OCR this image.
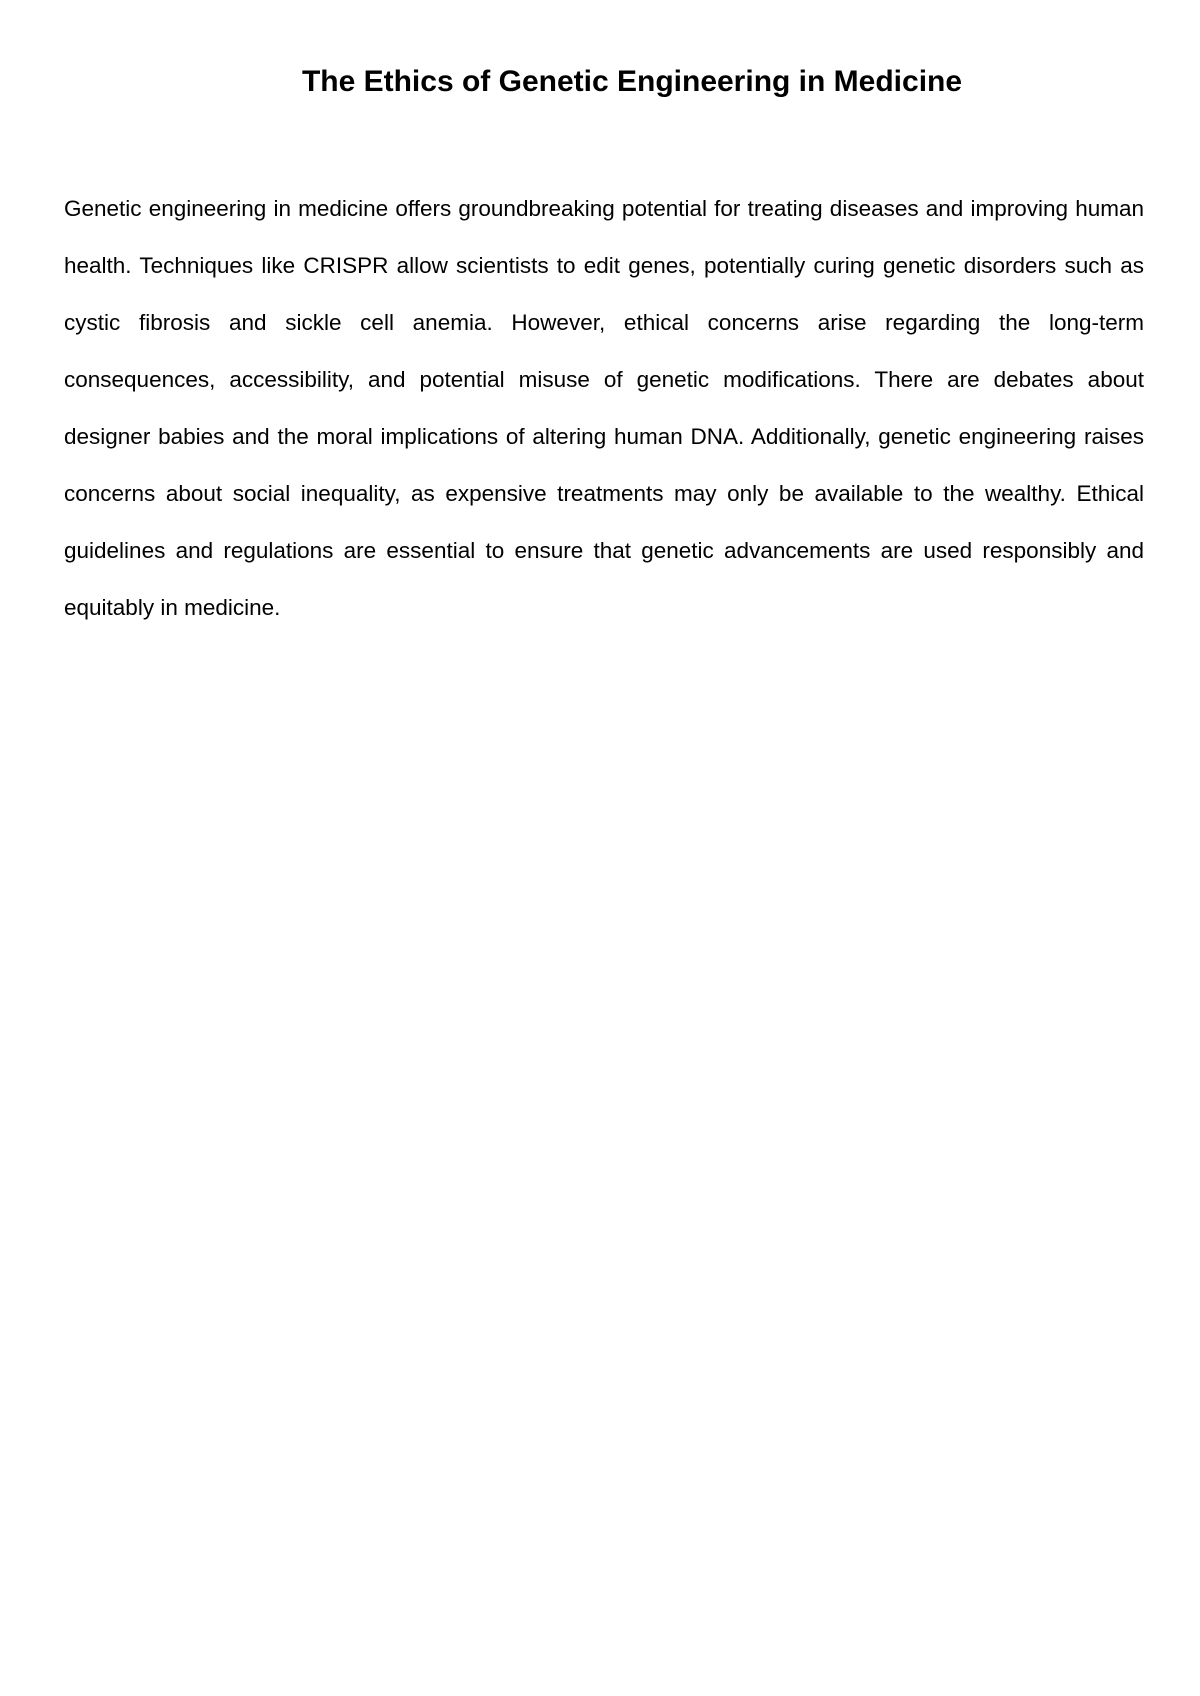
The Ethics of Genetic Engineering in Medicine

Genetic engineering in medicine offers groundbreaking potential for treating diseases and improving human health. Techniques like CRISPR allow scientists to edit genes, potentially curing genetic disorders such as cystic fibrosis and sickle cell anemia. However, ethical concerns arise regarding the long-term consequences, accessibility, and potential misuse of genetic modifications. There are debates about designer babies and the moral implications of altering human DNA. Additionally, genetic engineering raises concerns about social inequality, as expensive treatments may only be available to the wealthy. Ethical guidelines and regulations are essential to ensure that genetic advancements are used responsibly and equitably in medicine.
